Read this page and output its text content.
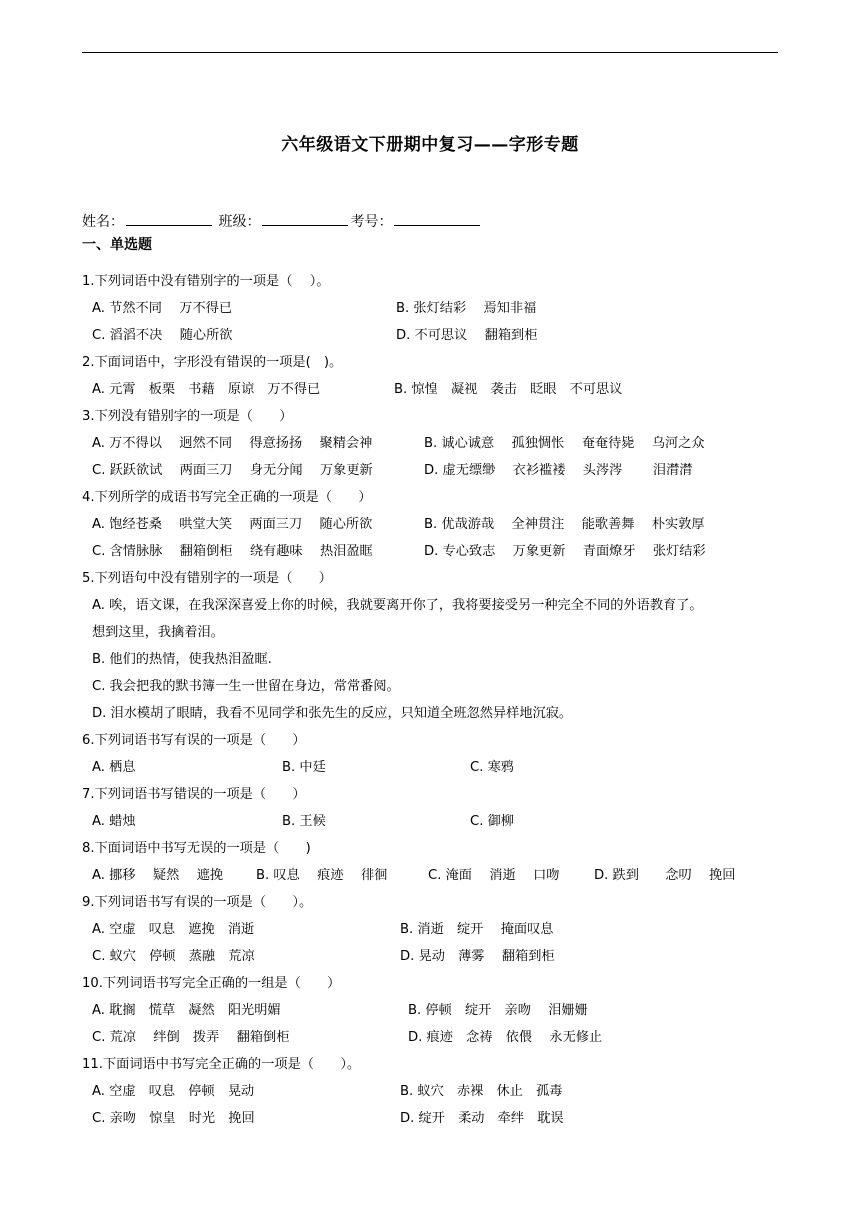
六年级语文下册期中复习——字形专题
姓名：	班级：	考号：
一、单选题
1.下列词语中没有错别字的一项是（　 ）。
A. 节然不同　 万不得已	B. 张灯结彩　 焉知非福
C. 滔滔不决　 随心所欲	D. 不可思议　 翻箱到柜
2.下面词语中，字形没有错误的一项是(　)。
A. 元霄　板栗　书藉　原谅　万不得已	B. 惊惶　凝视　袭击　眨眼　不可思议
3.下列没有错别字的一项是（　　）
A. 万不得以　 迥然不同　 得意扬扬　 聚精会神	B. 诚心诚意　 孤独惆怅　 奄奄待毙　 乌河之众
C. 跃跃欲试　 两面三刀　 身无分闻　 万象更新	D. 虚无缥缈　 衣衫褴褛　 头涔涔　　 泪潸潸
4.下列所学的成语书写完全正确的一项是（　　）
A. 饱经苍桑　 哄堂大笑　 两面三刀　 随心所欲	B. 优哉游哉　 全神贯注　 能歌善舞　 朴实敦厚
C. 含情脉脉　 翻箱倒柜　 绕有趣味　 热泪盈眶	D. 专心致志　 万象更新　 青面燎牙　 张灯结彩
5.下列语句中没有错别字的一项是（　　）
A. 唉，语文课，在我深深喜爱上你的时候，我就要离开你了，我将要接受另一种完全不同的外语教育了。
想到这里，我擒着泪。
B. 他们的热情，使我热泪盈眶.
C. 我会把我的默书簿一生一世留在身边，常常番阅。
D. 泪水模胡了眼睛，我看不见同学和张先生的反应，只知道全班忽然异样地沉寂。
6.下列词语书写有误的一项是（　　）
A. 栖息	B. 中廷	C. 寒鸦
7.下列词语书写错误的一项是（　　）
A. 蜡烛	B. 王候	C. 御柳
8.下面词语中书写无误的一项是（　　)
A. 挪移　 疑然　 遮挽 B. 叹息　 痕迹　 徘徊	C. 淹面　 消逝　 口吻	D. 跌到　　念叨　 挽回
9.下列词语书写有误的一项是（　　）。
A. 空虚　叹息　遮挽　消逝	B. 消逝　绽开　 掩面叹息
C. 蚁穴　停顿　蒸融　荒凉	D. 晃动　薄雾　 翻箱到柜
10.下列词语书写完全正确的一组是（　　）
A. 耽搁　慌草　凝然　阳光明媚	B. 停顿　绽开　亲吻　 泪姗姗
C. 荒凉　 绊倒　拨弄　 翻箱倒柜	D. 痕迹　念祷　依偎　 永无修止
11.下面词语中书写完全正确的一项是（　　）。
A. 空虚　叹息　停顿　晃动	B. 蚁穴　赤裸　休止　孤毒
C. 亲吻　惊皇　时光　挽回	D. 绽开　柔动　牵绊　耽误
